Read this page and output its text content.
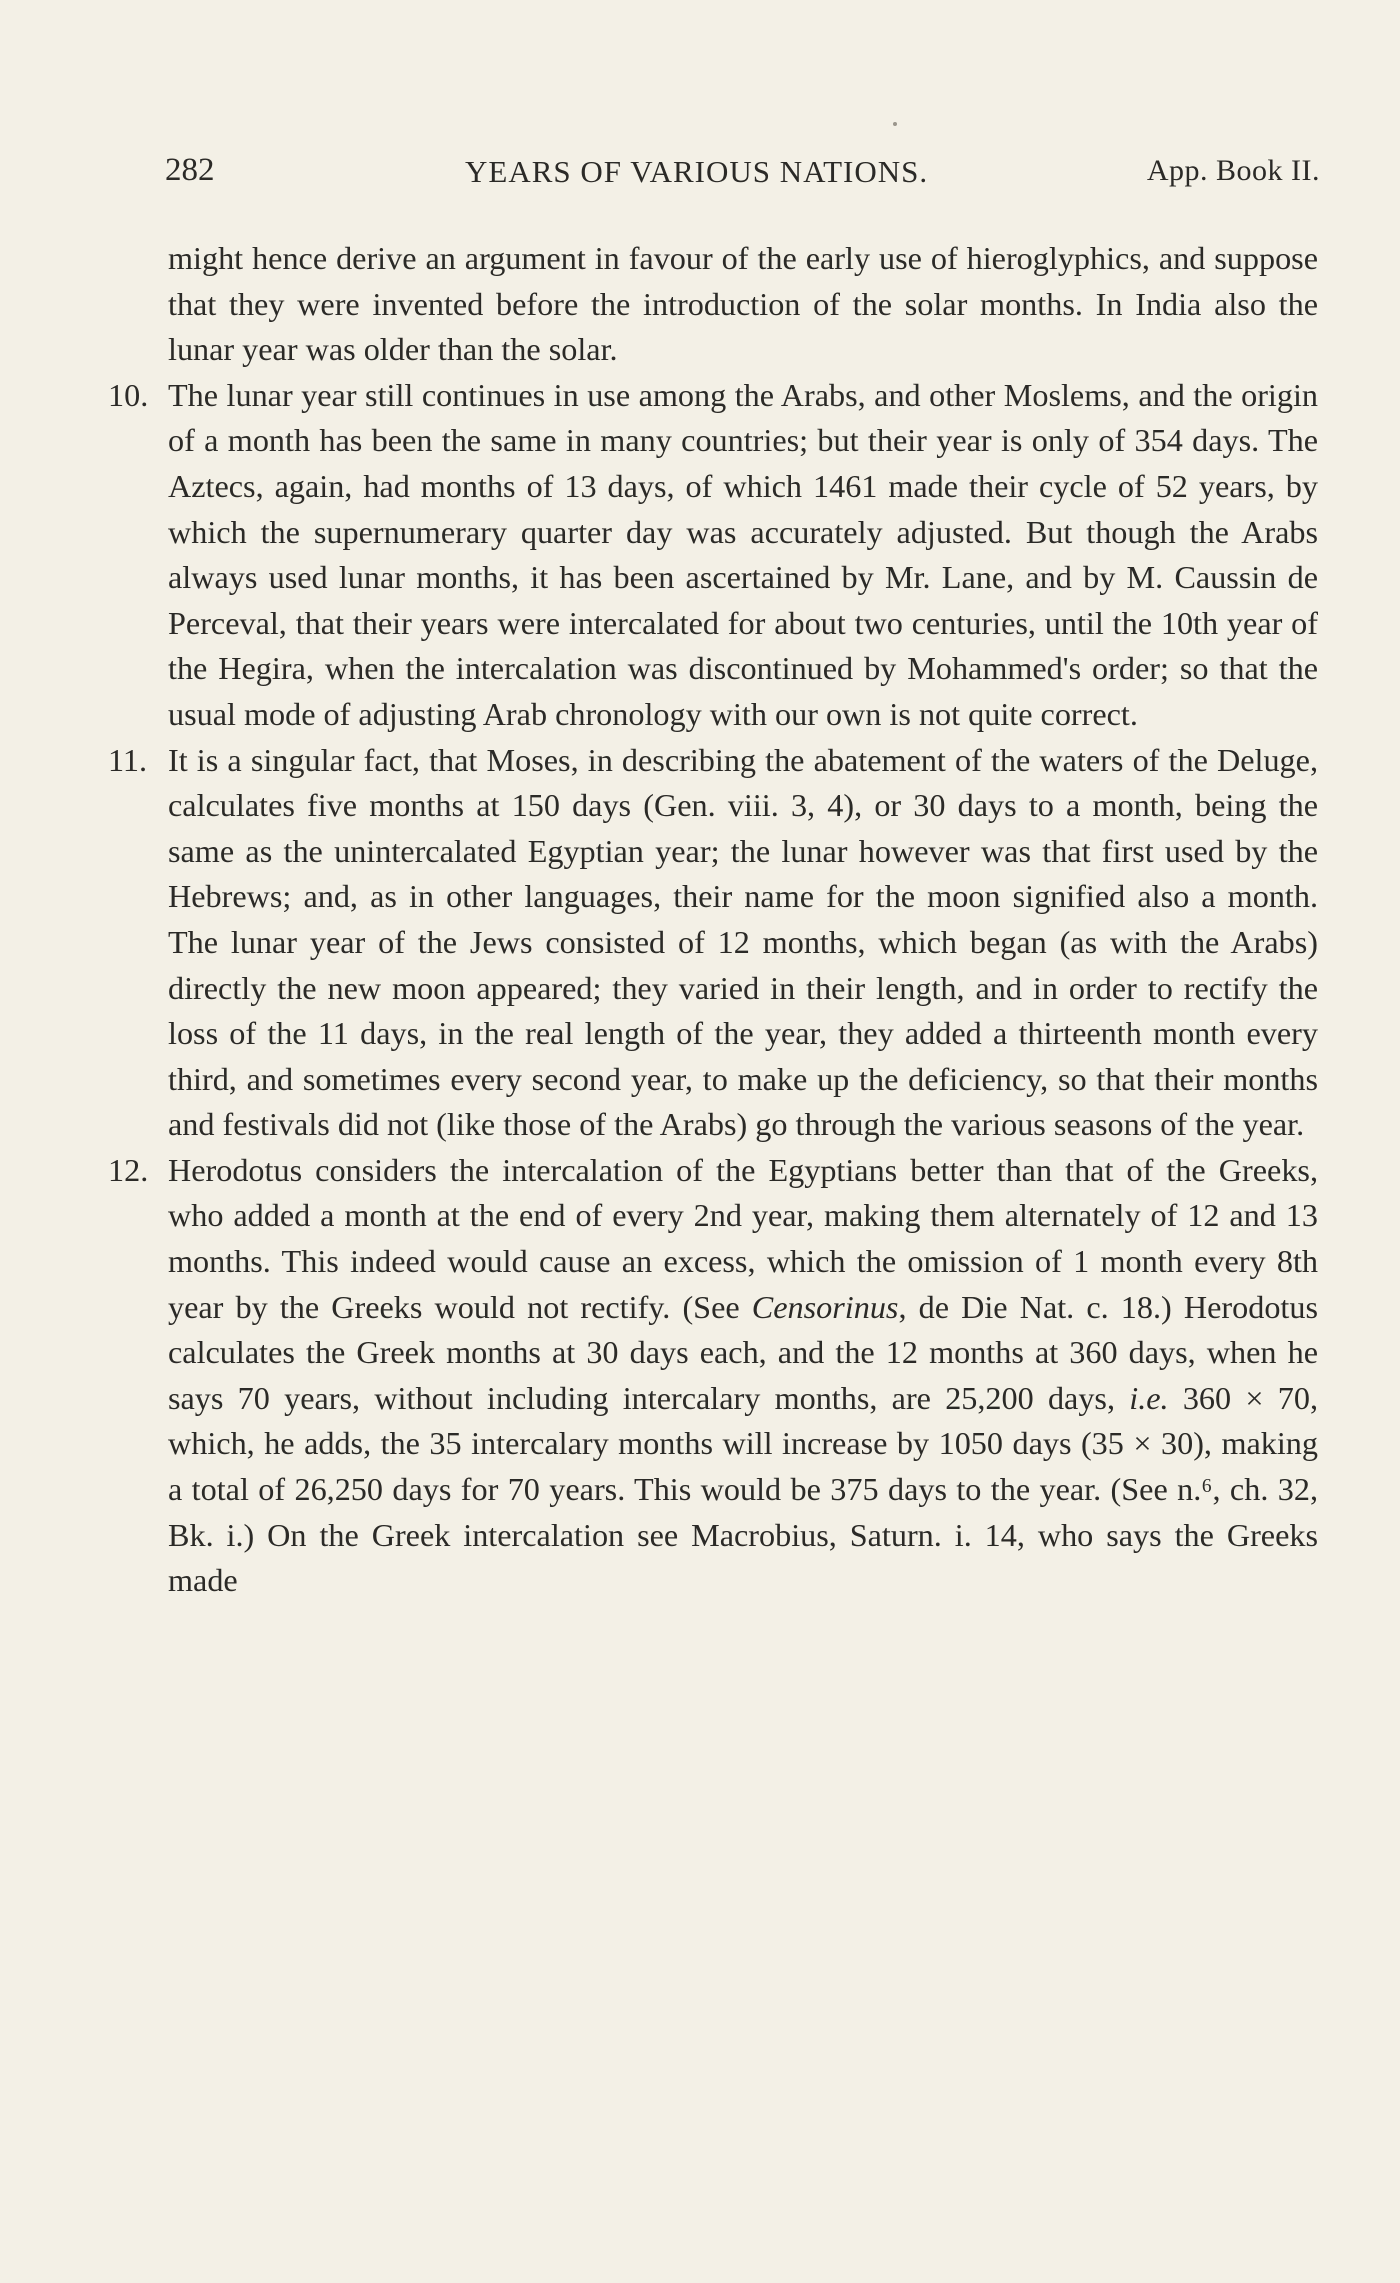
282	YEARS OF VARIOUS NATIONS.	App. Book II.

might hence derive an argument in favour of the early use of hieroglyphics, and suppose that they were invented before the introduction of the solar months. In India also the lunar year was older than the solar.

10. The lunar year still continues in use among the Arabs, and other Moslems, and the origin of a month has been the same in many countries; but their year is only of 354 days. The Aztecs, again, had months of 13 days, of which 1461 made their cycle of 52 years, by which the supernumerary quarter day was accurately adjusted. But though the Arabs always used lunar months, it has been ascertained by Mr. Lane, and by M. Caussin de Perceval, that their years were intercalated for about two centuries, until the 10th year of the Hegira, when the intercalation was discontinued by Mohammed's order; so that the usual mode of adjusting Arab chronology with our own is not quite correct.

11. It is a singular fact, that Moses, in describing the abatement of the waters of the Deluge, calculates five months at 150 days (Gen. viii. 3, 4), or 30 days to a month, being the same as the unintercalated Egyptian year; the lunar however was that first used by the Hebrews; and, as in other languages, their name for the moon signified also a month. The lunar year of the Jews consisted of 12 months, which began (as with the Arabs) directly the new moon appeared; they varied in their length, and in order to rectify the loss of the 11 days, in the real length of the year, they added a thirteenth month every third, and sometimes every second year, to make up the deficiency, so that their months and festivals did not (like those of the Arabs) go through the various seasons of the year.

12. Herodotus considers the intercalation of the Egyptians better than that of the Greeks, who added a month at the end of every 2nd year, making them alternately of 12 and 13 months. This indeed would cause an excess, which the omission of 1 month every 8th year by the Greeks would not rectify. (See Censorinus, de Die Nat. c. 18.) Herodotus calculates the Greek months at 30 days each, and the 12 months at 360 days, when he says 70 years, without including intercalary months, are 25,200 days, i.e. 360 × 70, which, he adds, the 35 intercalary months will increase by 1050 days (35 × 30), making a total of 26,250 days for 70 years. This would be 375 days to the year. (See n.⁶, ch. 32, Bk. i.) On the Greek intercalation see Macrobius, Saturn. i. 14, who says the Greeks made
